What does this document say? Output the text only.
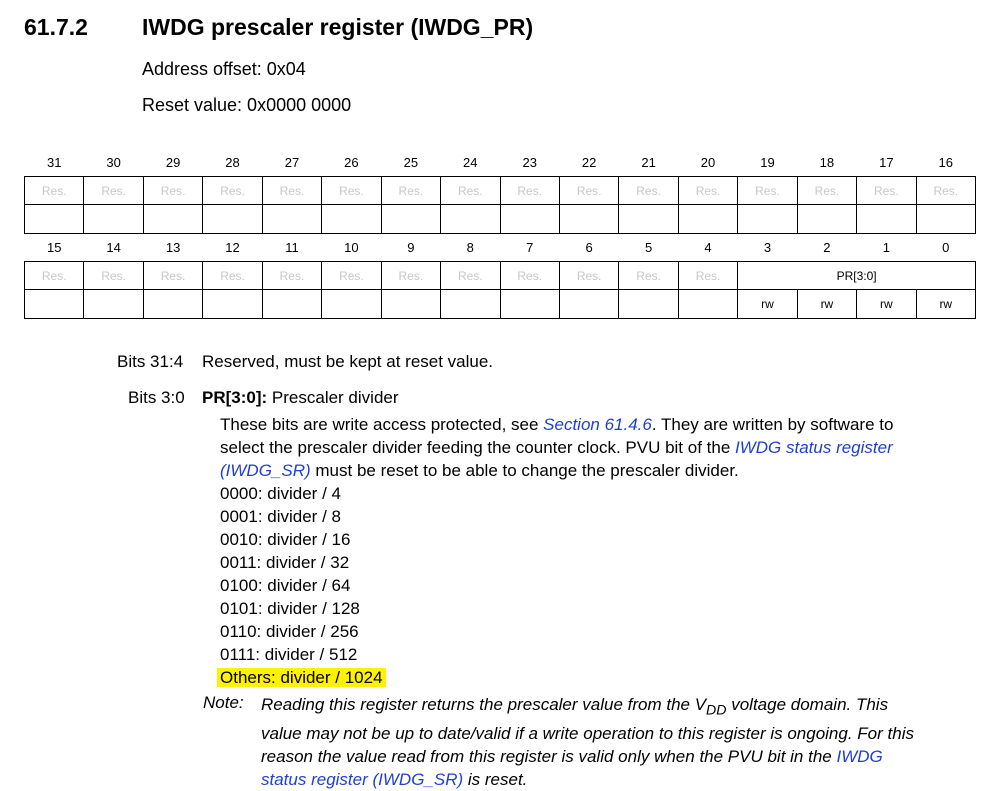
61.7.2 IWDG prescaler register (IWDG_PR)
Address offset: 0x04
Reset value: 0x0000 0000
31	30	29	28	27	26	25	24	23	22	21	20	19	18	17	16
Res.	Res.	Res.	Res.	Res.	Res.	Res.	Res.	Res.	Res.	Res.	Res.	Res.	Res.	Res.	Res.

15	14	13	12	11	10	9	8	7	6	5	4	3	2	1	0
Res.	Res.	Res.	Res.	Res.	Res.	Res.	Res.	Res.	Res.	Res.	Res.	PR[3:0]			
												rw	rw	rw	rw
Bits 31:4 Reserved, must be kept at reset value.
Bits 3:0 PR[3:0]: Prescaler divider
These bits are write access protected, see Section 61.4.6. They are written by software to
select the prescaler divider feeding the counter clock. PVU bit of the IWDG status register
(IWDG_SR) must be reset to be able to change the prescaler divider.
0000: divider / 4
0001: divider / 8
0010: divider / 16
0011: divider / 32
0100: divider / 64
0101: divider / 128
0110: divider / 256
0111: divider / 512
Others: divider / 1024
Note: Reading this register returns the prescaler value from the $V_{DD}$ voltage domain. This
value may not be up to date/valid if a write operation to this register is ongoing. For this
reason the value read from this register is valid only when the PVU bit in the IWDG
status register (IWDG_SR) is reset.
